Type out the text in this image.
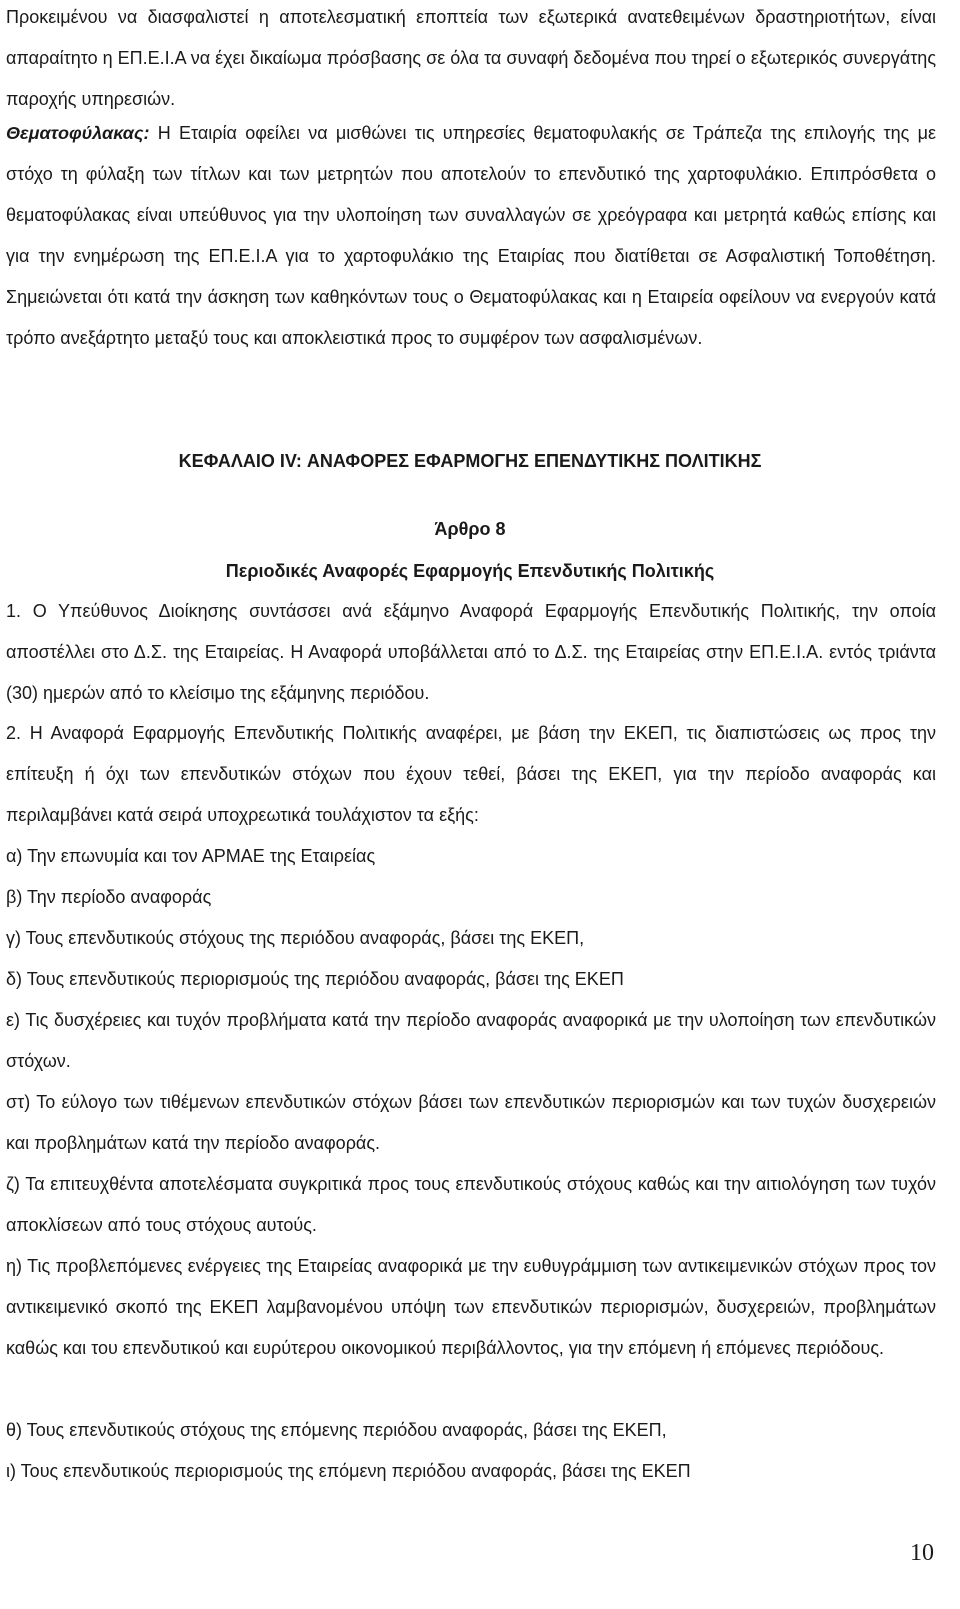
Προκειμένου να διασφαλιστεί η αποτελεσματική εποπτεία των εξωτερικά ανατεθειμένων δραστηριοτήτων, είναι απαραίτητο η ΕΠ.Ε.Ι.Α να έχει δικαίωμα πρόσβασης σε όλα τα συναφή δεδομένα που τηρεί ο εξωτερικός συνεργάτης παροχής υπηρεσιών.

Θεματοφύλακας: Η Εταιρία οφείλει να μισθώνει τις υπηρεσίες θεματοφυλακής σε Τράπεζα της επιλογής της με στόχο τη φύλαξη των τίτλων και των μετρητών που αποτελούν το επενδυτικό της χαρτοφυλάκιο. Επιπρόσθετα ο θεματοφύλακας είναι υπεύθυνος για την υλοποίηση των συναλλαγών σε χρεόγραφα και μετρητά καθώς επίσης και για την ενημέρωση της ΕΠ.Ε.Ι.Α για το χαρτοφυλάκιο της Εταιρίας που διατίθεται σε Ασφαλιστική Τοποθέτηση. Σημειώνεται ότι κατά την άσκηση των καθηκόντων τους ο Θεματοφύλακας και η Εταιρεία οφείλουν να ενεργούν κατά τρόπο ανεξάρτητο μεταξύ τους και αποκλειστικά προς το συμφέρον των ασφαλισμένων.

ΚΕΦΑΛΑΙΟ IV: ΑΝΑΦΟΡΕΣ ΕΦΑΡΜΟΓΗΣ ΕΠΕΝΔΥΤΙΚΗΣ ΠΟΛΙΤΙΚΗΣ

Άρθρο 8

Περιοδικές Αναφορές Εφαρμογής Επενδυτικής Πολιτικής

1. Ο Υπεύθυνος Διοίκησης συντάσσει ανά εξάμηνο Αναφορά Εφαρμογής Επενδυτικής Πολιτικής, την οποία αποστέλλει στο Δ.Σ. της Εταιρείας. Η Αναφορά υποβάλλεται από το Δ.Σ. της Εταιρείας στην ΕΠ.Ε.Ι.Α. εντός τριάντα (30) ημερών από το κλείσιμο της εξάμηνης περιόδου.

2. Η Αναφορά Εφαρμογής Επενδυτικής Πολιτικής αναφέρει, με βάση την ΕΚΕΠ, τις διαπιστώσεις ως προς την επίτευξη ή όχι των επενδυτικών στόχων που έχουν τεθεί, βάσει της ΕΚΕΠ, για την περίοδο αναφοράς και περιλαμβάνει κατά σειρά υποχρεωτικά τουλάχιστον τα εξής:

α) Την επωνυμία και τον ΑΡΜΑΕ της Εταιρείας

β) Την περίοδο αναφοράς

γ) Τους επενδυτικούς στόχους της περιόδου αναφοράς, βάσει της ΕΚΕΠ,

δ) Τους επενδυτικούς περιορισμούς της περιόδου αναφοράς, βάσει της ΕΚΕΠ

ε) Τις δυσχέρειες και τυχόν προβλήματα κατά την περίοδο αναφοράς αναφορικά με την υλοποίηση των επενδυτικών στόχων.

στ) Το εύλογο των τιθέμενων επενδυτικών στόχων βάσει των επενδυτικών περιορισμών και των τυχών δυσχερειών και προβλημάτων κατά την περίοδο αναφοράς.

ζ) Τα επιτευχθέντα αποτελέσματα συγκριτικά προς τους επενδυτικούς στόχους καθώς και την αιτιολόγηση των τυχόν αποκλίσεων από τους στόχους αυτούς.

η) Τις προβλεπόμενες ενέργειες της Εταιρείας αναφορικά με την ευθυγράμμιση των αντικειμενικών στόχων προς τον αντικειμενικό σκοπό της ΕΚΕΠ λαμβανομένου υπόψη των επενδυτικών περιορισμών, δυσχερειών, προβλημάτων καθώς και του επενδυτικού και ευρύτερου οικονομικού περιβάλλοντος, για την επόμενη ή επόμενες περιόδους.

θ) Τους επενδυτικούς στόχους της επόμενης περιόδου αναφοράς, βάσει της ΕΚΕΠ,

ι) Τους επενδυτικούς περιορισμούς της επόμενη περιόδου αναφοράς, βάσει της ΕΚΕΠ

10
